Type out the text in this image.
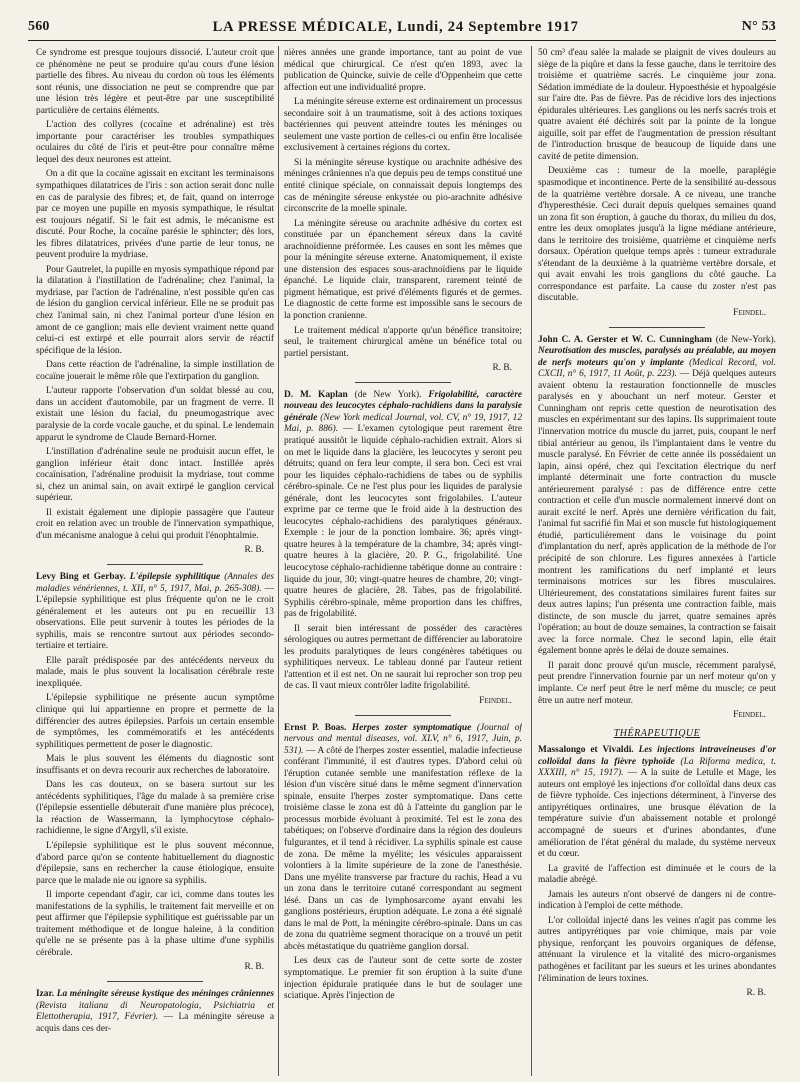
560	LA PRESSE MÉDICALE, Lundi, 24 Septembre 1917	N° 53

Ce syndrome est presque toujours dissocié. L'auteur croit que ce phénomène ne peut se produire qu'au cours d'une lésion partielle des fibres. Au niveau du cordon où tous les éléments sont réunis, une dissociation ne peut se comprendre que par une lésion très légère et peut-être par une susceptibilité particulière de certains éléments.

L'action des collyres (cocaïne et adrénaline) est très importante pour caractériser les troubles sympathiques oculaires du côté de l'iris et peut-être pour connaître même lequel des deux neurones est atteint.

On a dit que la cocaïne agissait en excitant les terminaisons sympathiques dilatatrices de l'iris : son action serait donc nulle en cas de paralysie des fibres; et, de fait, quand on interroge par ce moyen une pupille en myosis sympathique, le résultat est toujours négatif. Si le fait est admis, le mécanisme est discuté. Pour Roche, la cocaïne parésie le sphincter; dès lors, les fibres dilatatrices, privées d'une partie de leur tonus, ne peuvent produire la mydriase.

Pour Gautrelet, la pupille en myosis sympathique répond par la dilatation à l'instillation de l'adrénaline; chez l'animal, la mydriase, par l'action de l'adrénaline, n'est possible qu'en cas de lésion du ganglion cervical inférieur. Elle ne se produit pas chez l'animal sain, ni chez l'animal porteur d'une lésion en amont de ce ganglion; mais elle devient vraiment nette quand celui-ci est extirpé et elle pourrait alors servir de réactif spécifique de la lésion.

Dans cette réaction de l'adrénaline, la simple instillation de cocaïne jouerait le même rôle que l'extirpation du ganglion.

L'auteur rapporte l'observation d'un soldat blessé au cou, dans un accident d'automobile, par un fragment de verre. Il existait une lésion du facial, du pneumogastrique avec paralysie de la corde vocale gauche, et du spinal. Le lendemain apparut le syndrome de Claude Bernard-Horner.

L'instillation d'adrénaline seule ne produisit aucun effet, le ganglion inférieur était donc intact. Instillée après cocaïnisation, l'adrénaline produisit la mydriase, tout comme si, chez un animal sain, on avait extirpé le ganglion cervical supérieur.

Il existait également une diplopie passagère que l'auteur croit en relation avec un trouble de l'innervation sympathique, d'un mécanisme analogue à celui qui produit l'énophtalmie.

R. B.

Levy Bing et Gerbay. L'épilepsie syphilitique (Annales des maladies vénériennes, t. XII, n° 5, 1917, Mai, p. 265-308). — L'épilepsie syphilitique est plus fréquente qu'on ne le croit généralement et les auteurs ont pu en recueillir 13 observations. Elle peut survenir à toutes les périodes de la syphilis, mais se rencontre surtout aux périodes secondo-tertiaire et tertiaire.

Elle paraît prédisposée par des antécédents nerveux du malade, mais le plus souvent la localisation cérébrale reste inexpliquée.

L'épilepsie syphilitique ne présente aucun symptôme clinique qui lui appartienne en propre et permette de la différencier des autres épilepsies. Parfois un certain ensemble de symptômes, les commémoratifs et les antécédents syphilitiques permettent de poser le diagnostic.

Mais le plus souvent les éléments du diagnostic sont insuffisants et on devra recourir aux recherches de laboratoire.

Dans les cas douteux, on se basera surtout sur les antécédents syphilitiques, l'âge du malade à sa première crise (l'épilepsie essentielle débuterait d'une manière plus précoce), la réaction de Wassermann, la lymphocytose céphalo-rachidienne, le signe d'Argyll, s'il existe.

L'épilepsie syphilitique est le plus souvent méconnue, d'abord parce qu'on se contente habituellement du diagnostic d'épilepsie, sans en rechercher la cause étiologique, ensuite parce que le malade nie ou ignore sa syphilis.

Il importe cependant d'agir, car ici, comme dans toutes les manifestations de la syphilis, le traitement fait merveille et on peut affirmer que l'épilepsie syphilitique est guérissable par un traitement méthodique et de longue haleine, à la condition qu'elle ne se présente pas à la phase ultime d'une syphilis cérébrale.

R. B.

Izar. La méningite séreuse kystique des méninges crâniennes (Revista italiana di Neuropatologia, Psichiatria et Elettotherapia, 1917, Février). — La méningite séreuse a acquis dans ces der-

nières années une grande importance, tant au point de vue médical que chirurgical. Ce n'est qu'en 1893, avec la publication de Quincke, suivie de celle d'Oppenheim que cette affection eut une individualité propre.

La méningite séreuse externe est ordinairement un processus secondaire soit à un traumatisme, soit à des actions toxiques bactériennes qui peuvent atteindre toutes les méninges ou seulement une vaste portion de celles-ci ou enfin être localisée exclusivement à certaines régions du cortex.

Si la méningite séreuse kystique ou arachnite adhésive des méninges crâniennes n'a que depuis peu de temps constitué une entité clinique spéciale, on connaissait depuis longtemps des cas de méningite séreuse enkystée ou pio-arachnite adhésive circonscrite de la moelle spinale.

La méningite séreuse ou arachnite adhésive du cortex est constituée par un épanchement séreux dans la cavité arachnoïdienne préformée. Les causes en sont les mêmes que pour la méningite séreuse externe. Anatomiquement, il existe une distension des espaces sous-arachnoïdiens par le liquide épanché. Le liquide clair, transparent, rarement teinté de pigment hématique, est privé d'éléments figurés et de germes. Le diagnostic de cette forme est impossible sans le secours de la ponction cranienne.

Le traitement médical n'apporte qu'un bénéfice transitoire; seul, le traitement chirurgical amène un bénéfice total ou partiel persistant.

R. B.

D. M. Kaplan (de New York). Frigolabilité, caractère nouveau des leucocytes céphalo-rachidiens dans la paralysie générale (New York medical Journal, vol. CV, n° 19, 1917, 12 Mai, p. 886). — L'examen cytologique peut rarement être pratiqué aussitôt le liquide céphalo-rachidien extrait. Alors si on met le liquide dans la glacière, les leucocytes y seront peu détruits; quand on fera leur compte, il sera bon. Ceci est vrai pour les liquides céphalo-rachidiens de tabes ou de syphilis cérébro-spinale. Ce ne l'est plus pour les liquides de paralysie générale, dont les leucocytes sont frigolabiles. L'auteur exprime par ce terme que le froid aide à la destruction des leucocytes céphalo-rachidiens des paralytiques généraux. Exemple : le jour de la ponction lombaire. 36; après vingt-quatre heures à la température de la chambre, 34; après vingt-quatre heures à la glacière, 20. P. G., frigolabilité. Une leucocytose céphalo-rachidienne tabétique donne au contraire : liquide du jour, 30; vingt-quatre heures de chambre, 20; vingt-quatre heures de glacière, 28. Tabes, pas de frigolabilité. Syphilis cérébro-spinale, même proportion dans les chiffres, pas de frigolabilité.

Il serait bien intéressant de posséder des caractères sérologiques ou autres permettant de différencier au laboratoire les produits paralytiques de leurs congénères tabétiques ou syphilitiques nerveux. Le tableau donné par l'auteur retient l'attention et il est net. On ne saurait lui reprocher son trop peu de cas. Il vaut mieux contrôler ladite frigolabilité.

Feindel.

Ernst P. Boas. Herpes zoster symptomatique (Journal of nervous and mental diseases, vol. XLV, n° 6, 1917, Juin, p. 531). — A côté de l'herpes zoster essentiel, maladie infectieuse conférant l'immunité, il est d'autres types. D'abord celui où l'éruption cutanée semble une manifestation réflexe de la lésion d'un viscère situé dans le même segment d'innervation spinale, ensuite l'herpes zoster symptomatique. Dans cette troisième classe le zona est dû à l'atteinte du ganglion par le processus morbide évoluant à proximité. Tel est le zona des tabétiques; on l'observe d'ordinaire dans la région des douleurs fulgurantes, et il tend à récidiver. La syphilis spinale est cause de zona. De même la myélite; les vésicules apparaissent volontiers à la limite supérieure de la zone de l'anesthésie. Dans une myélite transverse par fracture du rachis, Head a vu un zona dans le territoire cutané correspondant au segment lésé. Dans un cas de lymphosarcome ayant envahi les ganglions postérieurs, éruption adéquate. Le zona a été signalé dans le mal de Pott, la méningite cérébro-spinale. Dans un cas de zona du quatrième segment thoracique on a trouvé un petit abcès métastatique du quatrième ganglion dorsal.

Les deux cas de l'auteur sont de cette sorte de zoster symptomatique. Le premier fit son éruption à la suite d'une injection épidurale pratiquée dans le but de soulager une sciatique. Après l'injection de

50 cm³ d'eau salée la malade se plaignit de vives douleurs au siège de la piqûre et dans la fesse gauche, dans le territoire des troisième et quatrième sacrés. Le cinquième jour zona. Sédation immédiate de la douleur. Hypoesthésie et hypoalgésie sur l'aire dte. Pas de fièvre. Pas de récidive lors des injections épidurales ultérieures. Les ganglions ou les nerfs sacrés trois et quatre avaient été déchirés soit par la pointe de la longue aiguille, soit par effet de l'augmentation de pression résultant de l'introduction brusque de beaucoup de liquide dans une cavité de petite dimension.

Deuxième cas : tumeur de la moelle, paraplégie spasmodique et incontinence. Perte de la sensibilité au-dessous de la quatrième vertèbre dorsale. A ce niveau, une tranche d'hyperesthésie. Ceci durait depuis quelques semaines quand un zona fit son éruption, à gauche du thorax, du milieu du dos, entre les deux omoplates jusqu'à la ligne médiane antérieure, dans le territoire des troisième, quatrième et cinquième nerfs dorsaux. Opération quelque temps après : tumeur extradurale s'étendant de la deuxième à la quatrième vertèbre dorsale, et qui avait envahi les trois ganglions du côté gauche. La correspondance est parfaite. La cause du zoster n'est pas discutable.

Feindel.

John C. A. Gerster et W. C. Cunningham (de New-York). Neurotisation des muscles, paralysés au préalable, au moyen de nerfs moteurs qu'on y implante (Medical Record, vol. CXCII, n° 6, 1917, 11 Août, p. 223). — Déjà quelques auteurs avaient obtenu la restauration fonctionnelle de muscles paralysés en y abouchant un nerf moteur. Gerster et Cunningham ont repris cette question de neurotisation des muscles en expérimentant sur des lapins. Ils supprimaient toute l'innervation motrice du muscle du jarret, puis, coupant le nerf tibial antérieur au genou, ils l'implantaient dans le ventre du muscle paralysé. En Février de cette année ils possédaient un lapin, ainsi opéré, chez qui l'excitation électrique du nerf implanté déterminait une forte contraction du muscle antérieurement paralysé : pas de différence entre cette contraction et celle d'un muscle normalement innervé dont on aurait excité le nerf. Après une dernière vérification du fait, l'animal fut sacrifié fin Mai et son muscle fut histologiquement étudié, particulièrement dans le voisinage du point d'implantation du nerf, après application de la méthode de l'or précipité de son chlorure. Les figures annexées à l'article montrent les ramifications du nerf implanté et leurs terminaisons motrices sur les fibres musculaires. Ultérieurement, des constatations similaires furent faites sur deux autres lapins; l'un présenta une contraction faible, mais distincte, de son muscle du jarret, quatre semaines après l'opération; au bout de douze semaines, la contraction se faisait avec la force normale. Chez le second lapin, elle était également bonne après le délai de douze semaines.

Il parait donc prouvé qu'un muscle, récemment paralysé, peut prendre l'innervation fournie par un nerf moteur qu'on y implante. Ce nerf peut être le nerf même du muscle; ce peut être un autre nerf moteur.

Feindel.

THÉRAPEUTIQUE

Massalongo et Vivaldi. Les injections intraveineuses d'or colloïdal dans la fièvre typhoïde (La Riforma medica, t. XXXIII, n° 15, 1917). — A la suite de Letulle et Mage, les auteurs ont employé les injections d'or colloïdal dans deux cas de fièvre typhoïde. Ces injections déterminent, à l'inverse des antipyrétiques ordinaires, une brusque élévation de la température suivie d'un abaissement notable et prolongé accompagné de sueurs et d'urines abondantes, d'une amélioration de l'état général du malade, du système nerveux et du cœur.

La gravité de l'affection est diminuée et le cours de la maladie abrégé.

Jamais les auteurs n'ont observé de dangers ni de contre-indication à l'emploi de cette méthode.

L'or colloïdal injecté dans les veines n'agit pas comme les autres antipyrétiques par voie chimique, mais par voie physique, renforçant les pouvoirs organiques de défense, atténuant la virulence et la vitalité des micro-organismes pathogènes et facilitant par les sueurs et les urines abondantes l'élimination de leurs toxines.

R. B.
